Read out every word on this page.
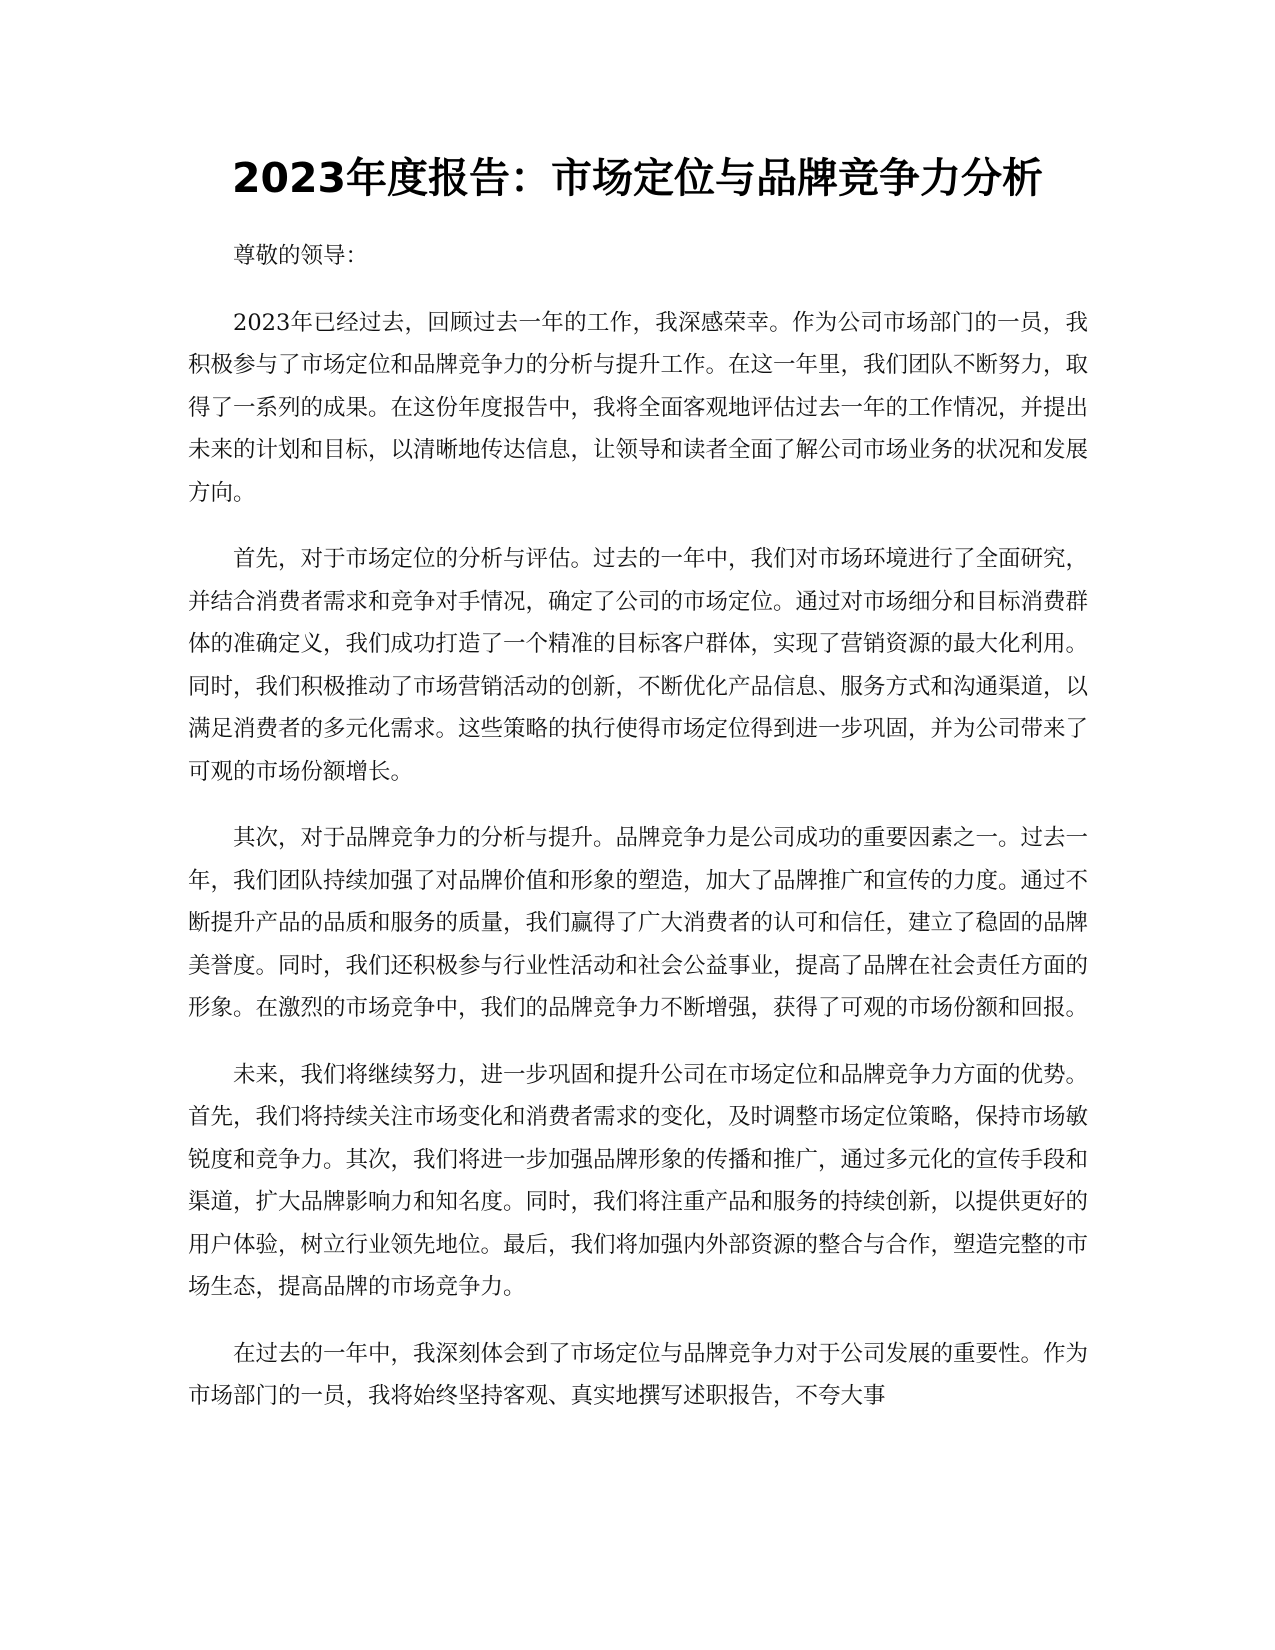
2023年度报告：市场定位与品牌竞争力分析

尊敬的领导：

2023年已经过去，回顾过去一年的工作，我深感荣幸。作为公司市场部门的一员，我积极参与了市场定位和品牌竞争力的分析与提升工作。在这一年里，我们团队不断努力，取得了一系列的成果。在这份年度报告中，我将全面客观地评估过去一年的工作情况，并提出未来的计划和目标，以清晰地传达信息，让领导和读者全面了解公司市场业务的状况和发展方向。

首先，对于市场定位的分析与评估。过去的一年中，我们对市场环境进行了全面研究，并结合消费者需求和竞争对手情况，确定了公司的市场定位。通过对市场细分和目标消费群体的准确定义，我们成功打造了一个精准的目标客户群体，实现了营销资源的最大化利用。同时，我们积极推动了市场营销活动的创新，不断优化产品信息、服务方式和沟通渠道，以满足消费者的多元化需求。这些策略的执行使得市场定位得到进一步巩固，并为公司带来了可观的市场份额增长。

其次，对于品牌竞争力的分析与提升。品牌竞争力是公司成功的重要因素之一。过去一年，我们团队持续加强了对品牌价值和形象的塑造，加大了品牌推广和宣传的力度。通过不断提升产品的品质和服务的质量，我们赢得了广大消费者的认可和信任，建立了稳固的品牌美誉度。同时，我们还积极参与行业性活动和社会公益事业，提高了品牌在社会责任方面的形象。在激烈的市场竞争中，我们的品牌竞争力不断增强，获得了可观的市场份额和回报。

未来，我们将继续努力，进一步巩固和提升公司在市场定位和品牌竞争力方面的优势。首先，我们将持续关注市场变化和消费者需求的变化，及时调整市场定位策略，保持市场敏锐度和竞争力。其次，我们将进一步加强品牌形象的传播和推广，通过多元化的宣传手段和渠道，扩大品牌影响力和知名度。同时，我们将注重产品和服务的持续创新，以提供更好的用户体验，树立行业领先地位。最后，我们将加强内外部资源的整合与合作，塑造完整的市场生态，提高品牌的市场竞争力。

在过去的一年中，我深刻体会到了市场定位与品牌竞争力对于公司发展的重要性。作为市场部门的一员，我将始终坚持客观、真实地撰写述职报告，不夸大事
